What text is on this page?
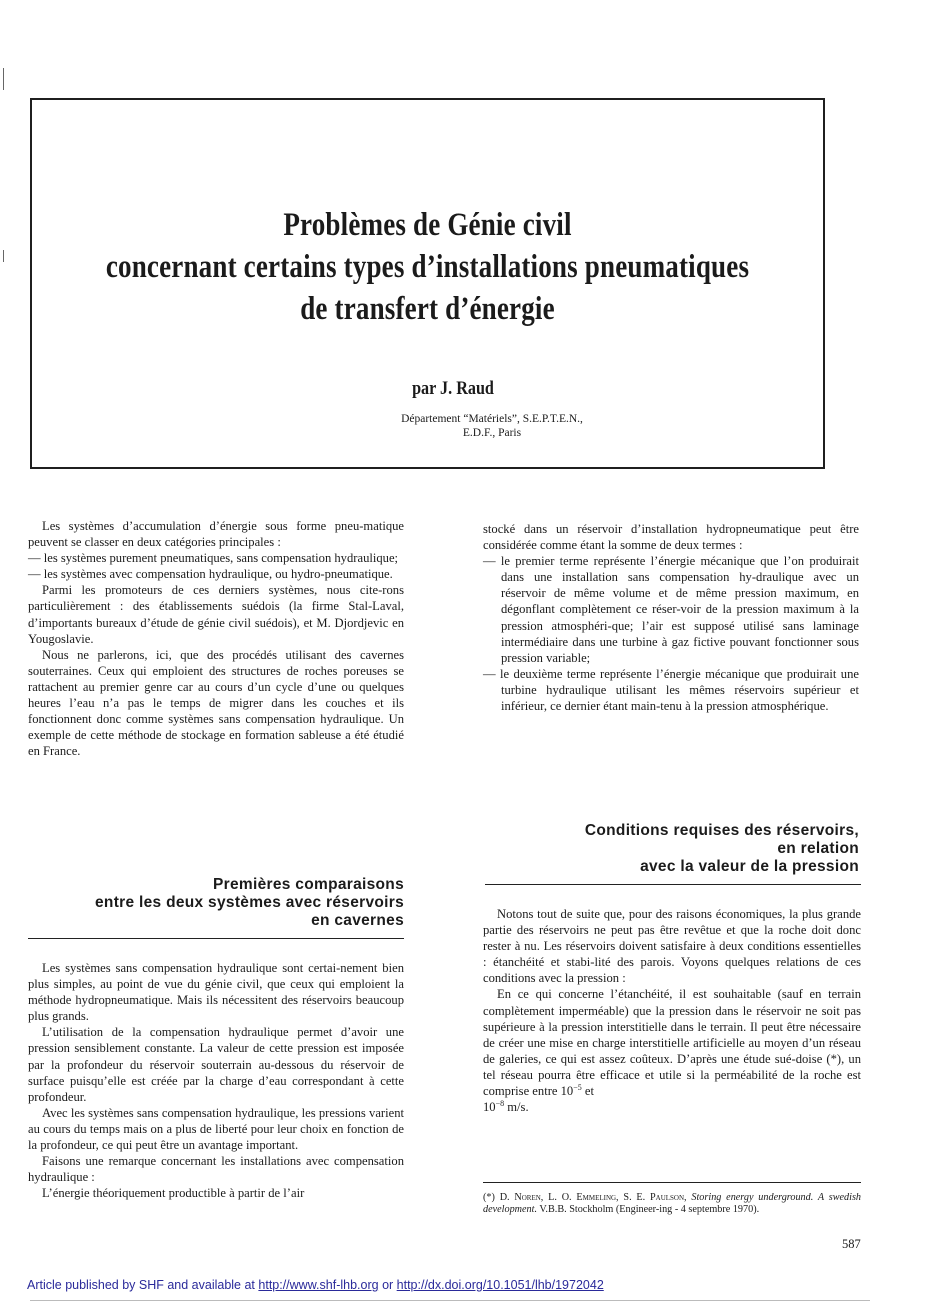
Problèmes de Génie civil
concernant certains types d’installations pneumatiques
de transfert d’énergie
par J. Raud
Département “Matériels”, S.E.P.T.E.N.,
E.D.F., Paris

Les systèmes d’accumulation d’énergie sous forme pneu-matique peuvent se classer en deux catégories principales :

— les systèmes purement pneumatiques, sans compensation hydraulique;

— les systèmes avec compensation hydraulique, ou hydro-pneumatique.

Parmi les promoteurs de ces derniers systèmes, nous cite-rons particulièrement : des établissements suédois (la firme Stal-Laval, d’importants bureaux d’étude de génie civil suédois), et M. Djordjevic en Yougoslavie.

Nous ne parlerons, ici, que des procédés utilisant des cavernes souterraines. Ceux qui emploient des structures de roches poreuses se rattachent au premier genre car au cours d’un cycle d’une ou quelques heures l’eau n’a pas le temps de migrer dans les couches et ils fonctionnent donc comme systèmes sans compensation hydraulique. Un exemple de cette méthode de stockage en formation sableuse a été étudié en France.

Premières comparaisons
entre les deux systèmes avec réservoirs
en cavernes

Les systèmes sans compensation hydraulique sont certai-nement bien plus simples, au point de vue du génie civil, que ceux qui emploient la méthode hydropneumatique. Mais ils nécessitent des réservoirs beaucoup plus grands.

L’utilisation de la compensation hydraulique permet d’avoir une pression sensiblement constante. La valeur de cette pression est imposée par la profondeur du réservoir souterrain au-dessous du réservoir de surface puisqu’elle est créée par la charge d’eau correspondant à cette profondeur.

Avec les systèmes sans compensation hydraulique, les pressions varient au cours du temps mais on a plus de liberté pour leur choix en fonction de la profondeur, ce qui peut être un avantage important.

Faisons une remarque concernant les installations avec compensation hydraulique :

L’énergie théoriquement productible à partir de l’air

stocké dans un réservoir d’installation hydropneumatique peut être considérée comme étant la somme de deux termes :

— le premier terme représente l’énergie mécanique que l’on produirait dans une installation sans compensation hy-draulique avec un réservoir de même volume et de même pression maximum, en dégonflant complètement ce réser-voir de la pression maximum à la pression atmosphéri-que; l’air est supposé utilisé sans laminage intermédiaire dans une turbine à gaz fictive pouvant fonctionner sous pression variable;

— le deuxième terme représente l’énergie mécanique que produirait une turbine hydraulique utilisant les mêmes réservoirs supérieur et inférieur, ce dernier étant main-tenu à la pression atmosphérique.

Conditions requises des réservoirs,
en relation
avec la valeur de la pression

Notons tout de suite que, pour des raisons économiques, la plus grande partie des réservoirs ne peut pas être revêtue et que la roche doit donc rester à nu. Les réservoirs doivent satisfaire à deux conditions essentielles : étanchéité et stabi-lité des parois. Voyons quelques relations de ces conditions avec la pression :

En ce qui concerne l’étanchéité, il est souhaitable (sauf en terrain complètement imperméable) que la pression dans le réservoir ne soit pas supérieure à la pression interstitielle dans le terrain. Il peut être nécessaire de créer une mise en charge interstitielle artificielle au moyen d’un réseau de galeries, ce qui est assez coûteux. D’après une étude sué-doise (*), un tel réseau pourra être efficace et utile si la perméabilité de la roche est comprise entre $10^{-5}$ et
$10^{-8}$ m/s.

(*) D. Noren, L. O. Emmeling, S. E. Paulson, Storing energy underground. A swedish development. V.B.B. Stockholm (Engineer-ing - 4 septembre 1970).
587
Article published by SHF and available at http://www.shf-lhb.org or http://dx.doi.org/10.1051/lhb/1972042
